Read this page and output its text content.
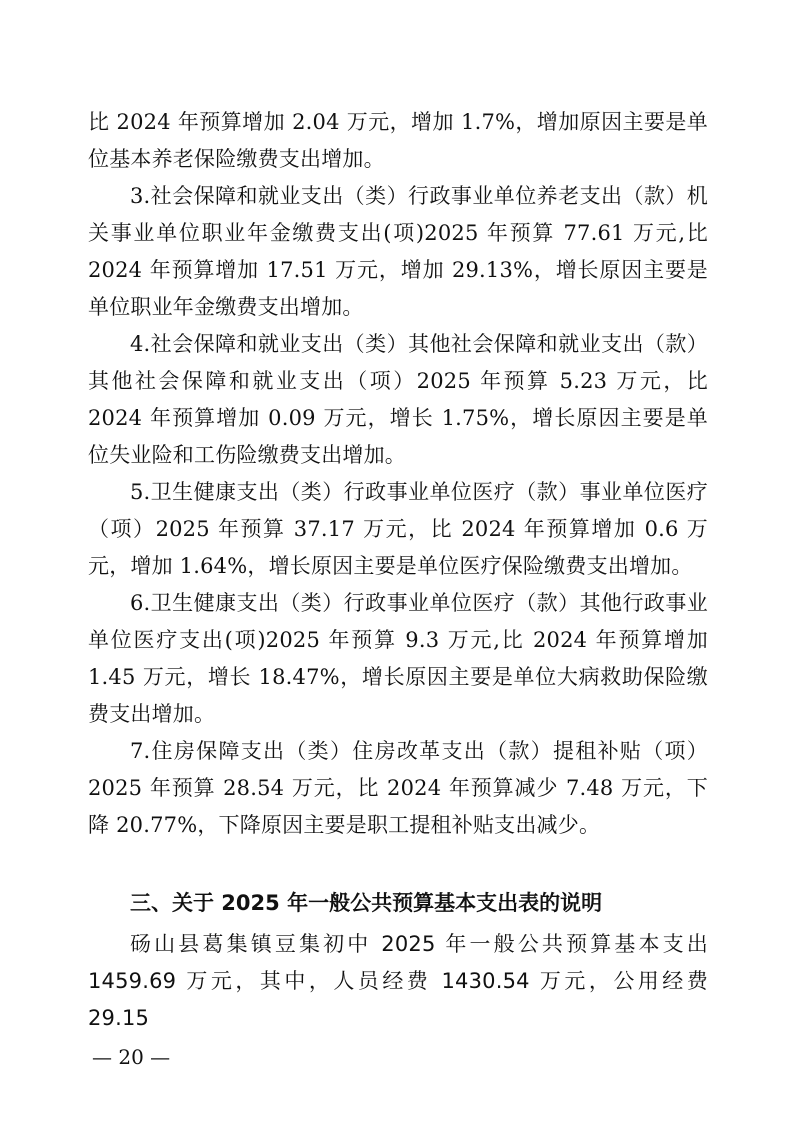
比 2024 年预算增加 2.04 万元，增加 1.7%，增加原因主要是单位基本养老保险缴费支出增加。

3.社会保障和就业支出（类）行政事业单位养老支出（款）机关事业单位职业年金缴费支出(项)2025 年预算 77.61 万元,比 2024 年预算增加 17.51 万元，增加 29.13%，增长原因主要是单位职业年金缴费支出增加。

4.社会保障和就业支出（类）其他社会保障和就业支出（款）其他社会保障和就业支出（项）2025 年预算 5.23 万元，比 2024 年预算增加 0.09 万元，增长 1.75%，增长原因主要是单位失业险和工伤险缴费支出增加。

5.卫生健康支出（类）行政事业单位医疗（款）事业单位医疗（项）2025 年预算 37.17 万元，比 2024 年预算增加 0.6 万元，增加 1.64%，增长原因主要是单位医疗保险缴费支出增加。

6.卫生健康支出（类）行政事业单位医疗（款）其他行政事业单位医疗支出(项)2025 年预算 9.3 万元,比 2024 年预算增加 1.45 万元，增长 18.47%，增长原因主要是单位大病救助保险缴费支出增加。

7.住房保障支出（类）住房改革支出（款）提租补贴（项）2025 年预算 28.54 万元，比 2024 年预算减少 7.48 万元，下降 20.77%，下降原因主要是职工提租补贴支出减少。

三、关于 2025 年一般公共预算基本支出表的说明

砀山县葛集镇豆集初中 2025 年一般公共预算基本支出 1459.69 万元，其中，人员经费 1430.54 万元，公用经费 29.15

— 20 —
